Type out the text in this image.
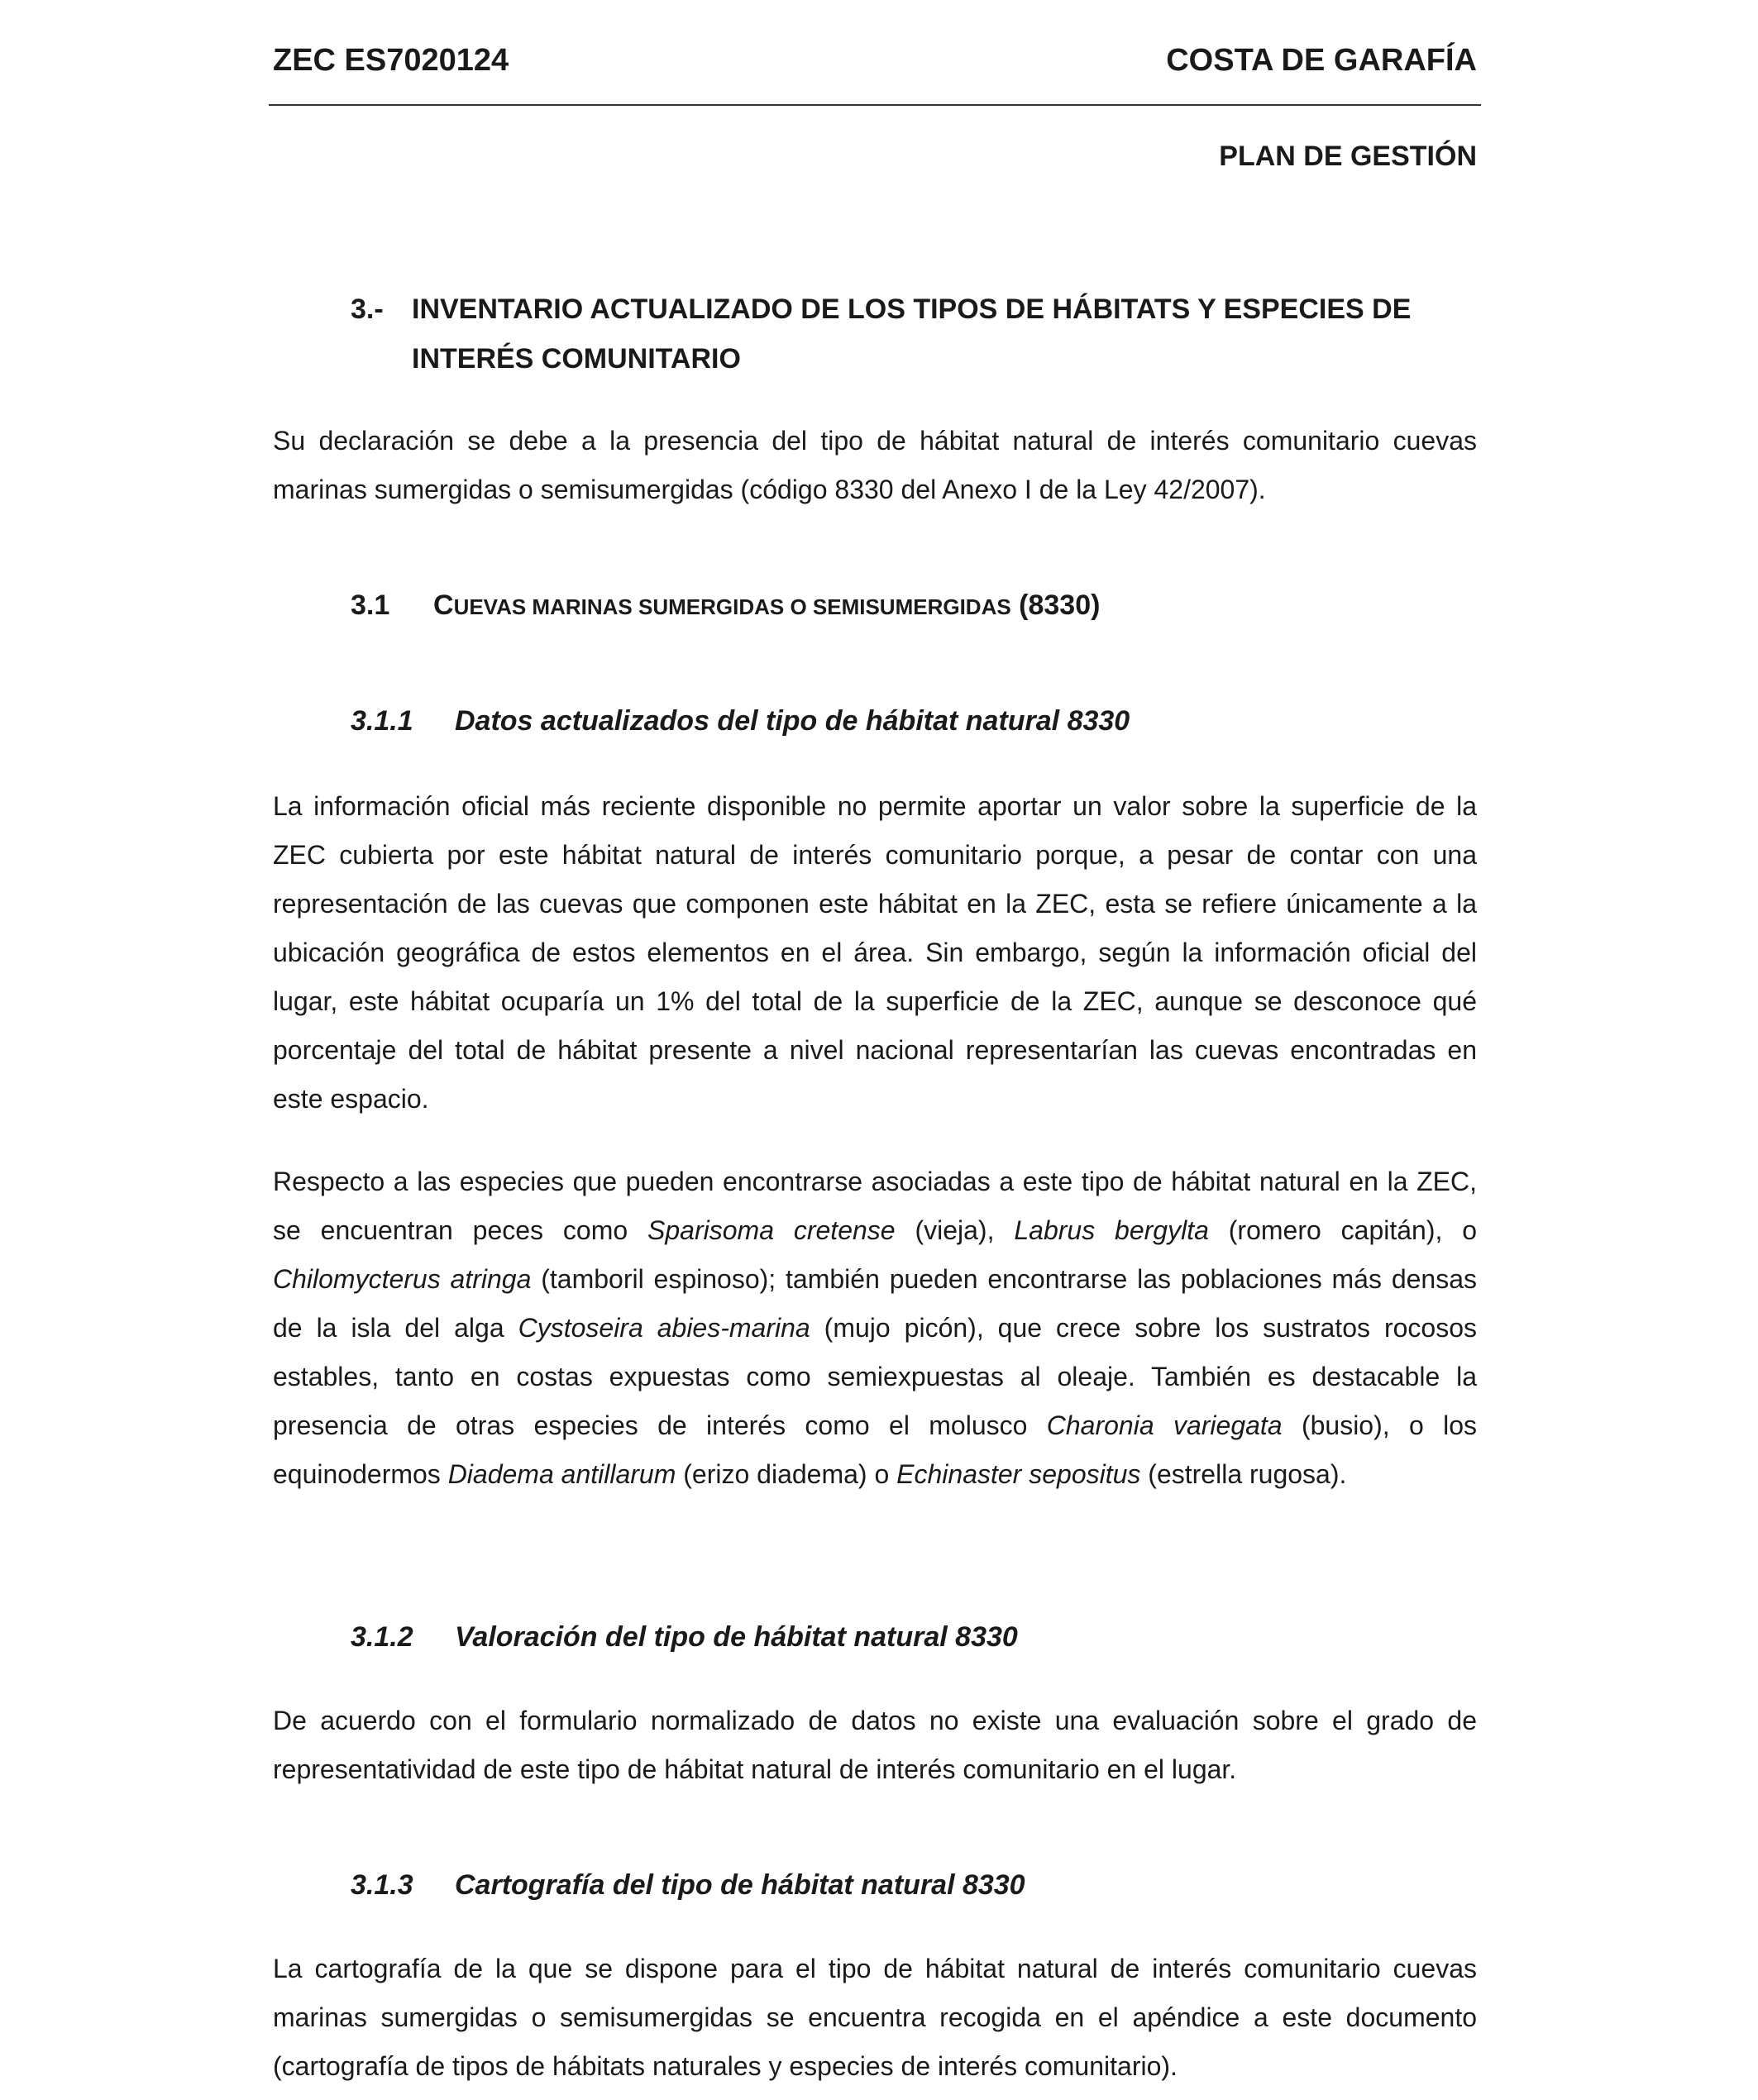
ZEC ES7020124	COSTA DE GARAFÍA
PLAN DE GESTIÓN
3.-	INVENTARIO ACTUALIZADO DE LOS TIPOS DE HÁBITATS Y ESPECIES DE INTERÉS COMUNITARIO

Su declaración se debe a la presencia del tipo de hábitat natural de interés comunitario cuevas marinas sumergidas o semisumergidas (código 8330 del Anexo I de la Ley 42/2007).

3.1	CUEVAS MARINAS SUMERGIDAS O SEMISUMERGIDAS (8330)
3.1.1	Datos actualizados del tipo de hábitat natural 8330

La información oficial más reciente disponible no permite aportar un valor sobre la superficie de la ZEC cubierta por este hábitat natural de interés comunitario porque, a pesar de contar con una representación de las cuevas que componen este hábitat en la ZEC, esta se refiere únicamente a la ubicación geográfica de estos elementos en el área. Sin embargo, según la información oficial del lugar, este hábitat ocuparía un 1% del total de la superficie de la ZEC, aunque se desconoce qué porcentaje del total de hábitat presente a nivel nacional representarían las cuevas encontradas en este espacio.

Respecto a las especies que pueden encontrarse asociadas a este tipo de hábitat natural en la ZEC, se encuentran peces como Sparisoma cretense (vieja), Labrus bergylta (romero capitán), o Chilomycterus atringa (tamboril espinoso); también pueden encontrarse las poblaciones más densas de la isla del alga Cystoseira abies-marina (mujo picón), que crece sobre los sustratos rocosos estables, tanto en costas expuestas como semiexpuestas al oleaje. También es destacable la presencia de otras especies de interés como el molusco Charonia variegata (busio), o los equinodermos Diadema antillarum (erizo diadema) o Echinaster sepositus (estrella rugosa).

3.1.2	Valoración del tipo de hábitat natural 8330

De acuerdo con el formulario normalizado de datos no existe una evaluación sobre el grado de representatividad de este tipo de hábitat natural de interés comunitario en el lugar.

3.1.3	Cartografía del tipo de hábitat natural 8330

La cartografía de la que se dispone para el tipo de hábitat natural de interés comunitario cuevas marinas sumergidas o semisumergidas se encuentra recogida en el apéndice a este documento (cartografía de tipos de hábitats naturales y especies de interés comunitario).
